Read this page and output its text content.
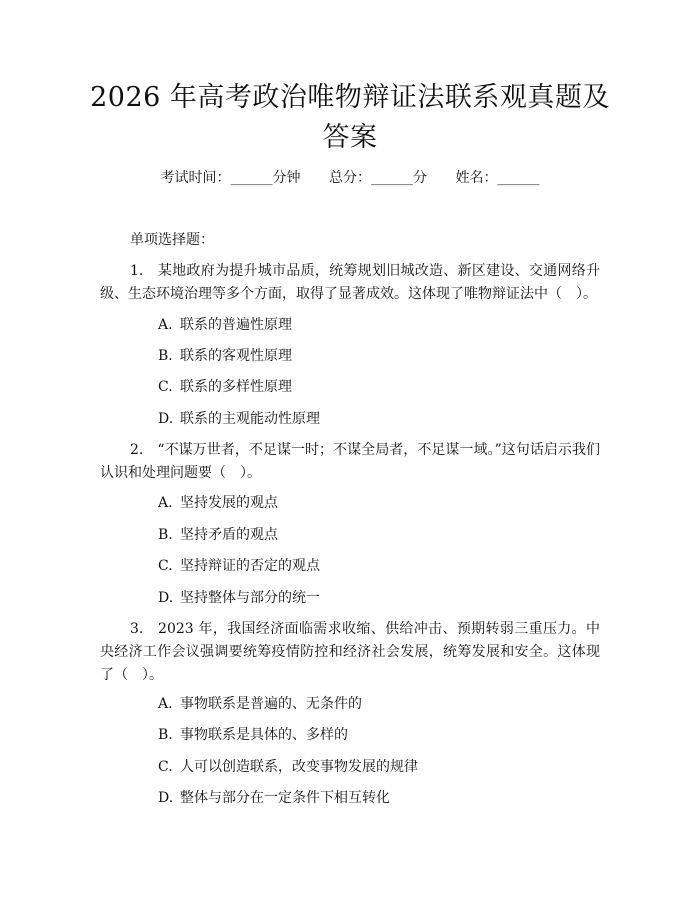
2026 年高考政治唯物辩证法联系观真题及答案
考试时间：______分钟 总分：______分 姓名：______
单项选择题：
1.　某地政府为提升城市品质，统筹规划旧城改造、新区建设、交通网络升级、生态环境治理等多个方面，取得了显著成效。这体现了唯物辩证法中（　）。
A. 联系的普遍性原理
B. 联系的客观性原理
C. 联系的多样性原理
D. 联系的主观能动性原理
2.　“不谋万世者，不足谋一时；不谋全局者，不足谋一域。”这句话启示我们认识和处理问题要（　）。
A. 坚持发展的观点
B. 坚持矛盾的观点
C. 坚持辩证的否定的观点
D. 坚持整体与部分的统一
3.　2023 年，我国经济面临需求收缩、供给冲击、预期转弱三重压力。中央经济工作会议强调要统筹疫情防控和经济社会发展，统筹发展和安全。这体现了（　）。
A. 事物联系是普遍的、无条件的
B. 事物联系是具体的、多样的
C. 人可以创造联系，改变事物发展的规律
D. 整体与部分在一定条件下相互转化
